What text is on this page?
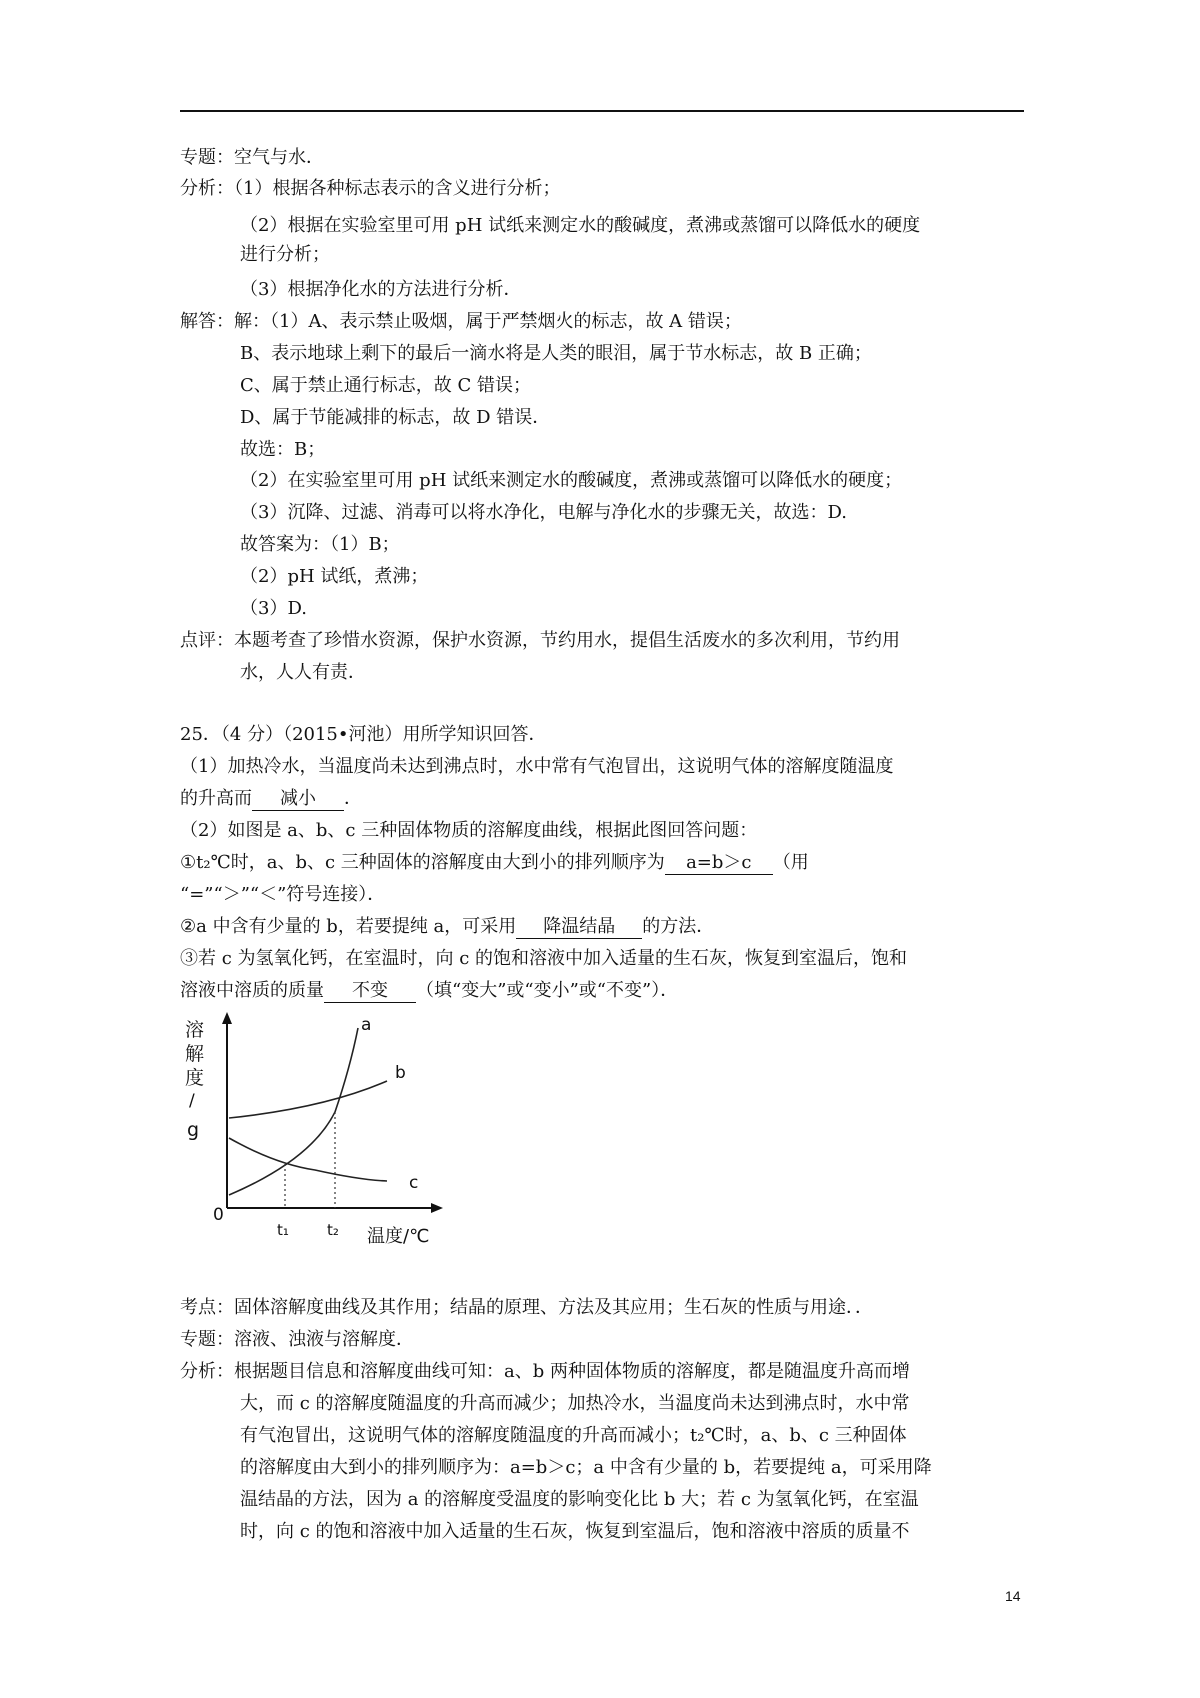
专题：空气与水．
分析：（1）根据各种标志表示的含义进行分析；
（2）根据在实验室里可用 pH 试纸来测定水的酸碱度，煮沸或蒸馏可以降低水的硬度
进行分析；
（3）根据净化水的方法进行分析．
解答：解：（1）A、表示禁止吸烟，属于严禁烟火的标志，故 A 错误；
B、表示地球上剩下的最后一滴水将是人类的眼泪，属于节水标志，故 B 正确；
C、属于禁止通行标志，故 C 错误；
D、属于节能减排的标志，故 D 错误．
故选：B；
（2）在实验室里可用 pH 试纸来测定水的酸碱度，煮沸或蒸馏可以降低水的硬度；
（3）沉降、过滤、消毒可以将水净化，电解与净化水的步骤无关，故选：D.
故答案为：（1）B；
（2）pH 试纸，煮沸；
（3）D.
点评：本题考查了珍惜水资源，保护水资源，节约用水，提倡生活废水的多次利用，节约用
水，人人有责．
25．（4 分）（2015•河池）用所学知识回答．
（1）加热冷水，当温度尚未达到沸点时，水中常有气泡冒出，这说明气体的溶解度随温度
的升高而 减小 ．
（2）如图是 a、b、c 三种固体物质的溶解度曲线，根据此图回答问题：
①t₂℃时，a、b、c 三种固体的溶解度由大到小的排列顺序为 a=b＞c （用
“=”“＞”“＜”符号连接）．
②a 中含有少量的 b，若要提纯 a，可采用 降温结晶 的方法．
③若 c 为氢氧化钙，在室温时，向 c 的饱和溶液中加入适量的生石灰，恢复到室温后，饱和
溶液中溶质的质量 不变 （填“变大”或“变小”或“不变”）．
溶
解
度
/
g
a
b
c
0
t₁	t₂ 温度/℃
考点：固体溶解度曲线及其作用；结晶的原理、方法及其应用；生石灰的性质与用途．．
专题：溶液、浊液与溶解度．
分析：根据题目信息和溶解度曲线可知：a、b 两种固体物质的溶解度，都是随温度升高而增
大，而 c 的溶解度随温度的升高而减少；加热冷水，当温度尚未达到沸点时，水中常
有气泡冒出，这说明气体的溶解度随温度的升高而减小；t₂℃时，a、b、c 三种固体
的溶解度由大到小的排列顺序为：a=b＞c；a 中含有少量的 b，若要提纯 a，可采用降
温结晶的方法，因为 a 的溶解度受温度的影响变化比 b 大；若 c 为氢氧化钙，在室温
时，向 c 的饱和溶液中加入适量的生石灰，恢复到室温后，饱和溶液中溶质的质量不
14
